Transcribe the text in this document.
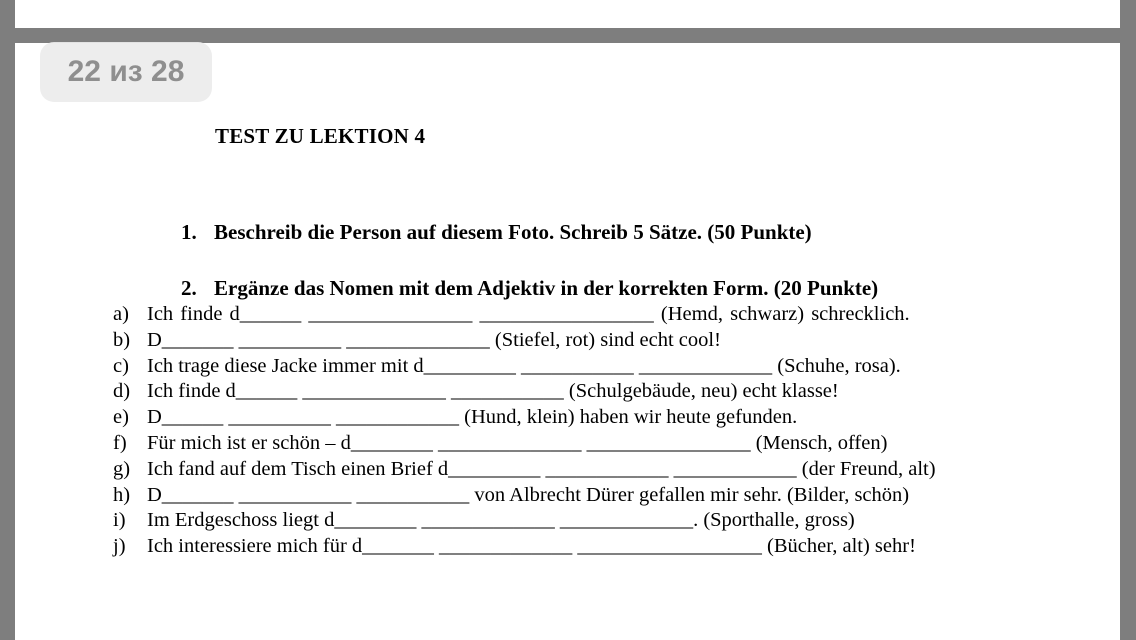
22 из 28
TEST ZU LEKTION 4

1. Beschreib die Person auf diesem Foto. Schreib 5 Sätze. (50 Punkte)

2. Ergänze das Nomen mit dem Adjektiv in der korrekten Form. (20 Punkte)

a) Ich finde d______ ________________ _________________ (Hemd, schwarz) schrecklich.
b) D_______ __________ ______________ (Stiefel, rot) sind echt cool!
c) Ich trage diese Jacke immer mit d_________ ___________ _____________ (Schuhe, rosa).
d) Ich finde d______ ______________ ___________ (Schulgebäude, neu) echt klasse!
e) D______ __________ ____________ (Hund, klein) haben wir heute gefunden.
f) Für mich ist er schön – d________ ______________ ________________ (Mensch, offen)
g) Ich fand auf dem Tisch einen Brief d_________ ____________ ____________ (der Freund, alt)
h) D_______ ___________ ___________ von Albrecht Dürer gefallen mir sehr. (Bilder, schön)
i)	Im Erdgeschoss liegt d________ _____________ _____________. (Sporthalle, gross)
j)	Ich interessiere mich für d_______ _____________ __________________ (Bücher, alt) sehr!
